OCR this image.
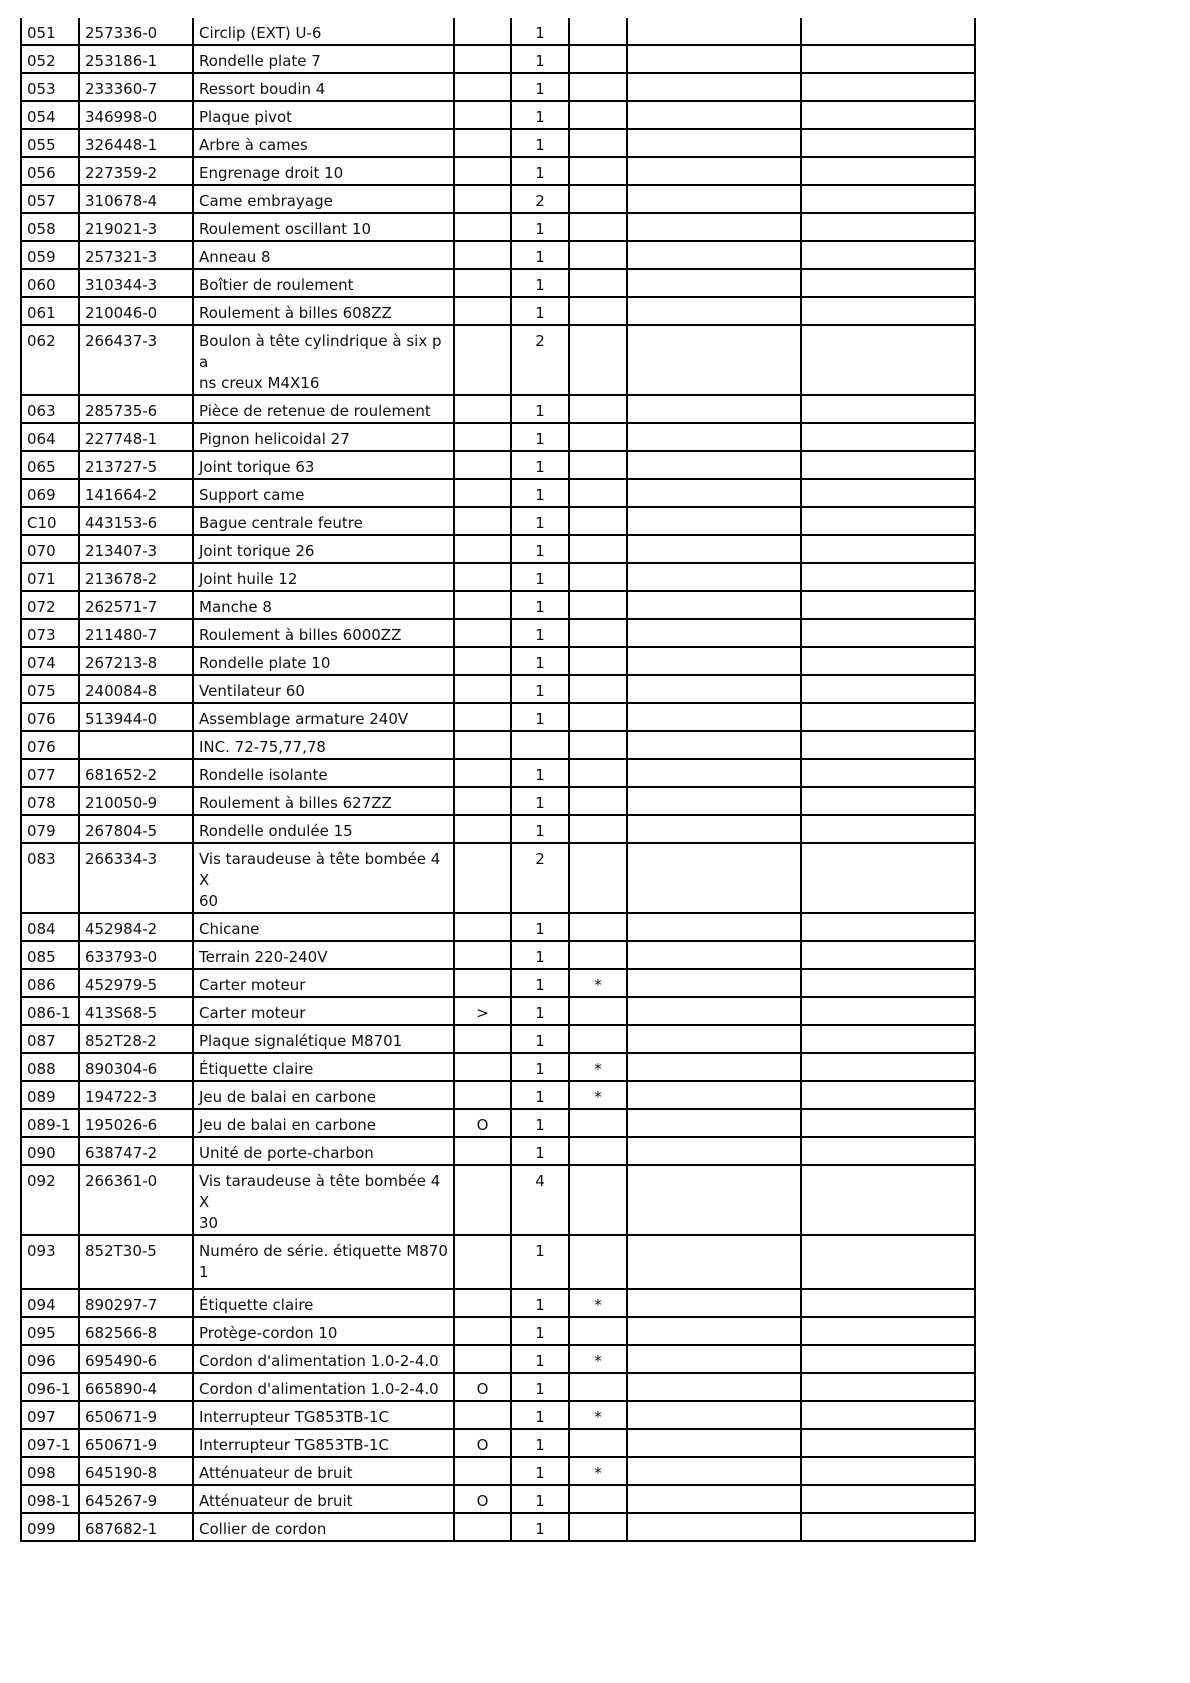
051	257336-0	Circlip (EXT) U-6		1			
052	253186-1	Rondelle plate 7		1			
053	233360-7	Ressort boudin 4		1			
054	346998-0	Plaque pivot		1			
055	326448-1	Arbre à cames		1			
056	227359-2	Engrenage droit 10		1			
057	310678-4	Came embrayage		2			
058	219021-3	Roulement oscillant 10		1			
059	257321-3	Anneau 8		1			
060	310344-3	Boîtier de roulement		1			
061	210046-0	Roulement à billes 608ZZ		1			
062	266437-3	Boulon à tête cylindrique à six pa
ns creux M4X16		2			
063	285735-6	Pièce de retenue de roulement		1			
064	227748-1	Pignon helicoidal 27		1			
065	213727-5	Joint torique 63		1			
069	141664-2	Support came		1			
C10	443153-6	Bague centrale feutre		1			
070	213407-3	Joint torique 26		1			
071	213678-2	Joint huile 12		1			
072	262571-7	Manche 8		1			
073	211480-7	Roulement à billes 6000ZZ		1			
074	267213-8	Rondelle plate 10		1			
075	240084-8	Ventilateur 60		1			
076	513944-0	Assemblage armature 240V		1			
076		INC. 72-75,77,78					
077	681652-2	Rondelle isolante		1			
078	210050-9	Roulement à billes 627ZZ		1			
079	267804-5	Rondelle ondulée 15		1			
083	266334-3	Vis taraudeuse à tête bombée 4X
60		2			
084	452984-2	Chicane		1			
085	633793-0	Terrain 220-240V		1			
086	452979-5	Carter moteur		1	*		
086-1	413S68-5	Carter moteur	>	1			
087	852T28-2	Plaque signalétique M8701		1			
088	890304-6	Étiquette claire		1	*		
089	194722-3	Jeu de balai en carbone		1	*		
089-1	195026-6	Jeu de balai en carbone	O	1			
090	638747-2	Unité de porte-charbon		1			
092	266361-0	Vis taraudeuse à tête bombée 4X
30		4			
093	852T30-5	Numéro de série. étiquette M870
1		1			
094	890297-7	Étiquette claire		1	*		
095	682566-8	Protège-cordon 10		1			
096	695490-6	Cordon d'alimentation 1.0-2-4.0		1	*		
096-1	665890-4	Cordon d'alimentation 1.0-2-4.0	O	1			
097	650671-9	Interrupteur TG853TB-1C		1	*		
097-1	650671-9	Interrupteur TG853TB-1C	O	1			
098	645190-8	Atténuateur de bruit		1	*		
098-1	645267-9	Atténuateur de bruit	O	1			
099	687682-1	Collier de cordon		1			
